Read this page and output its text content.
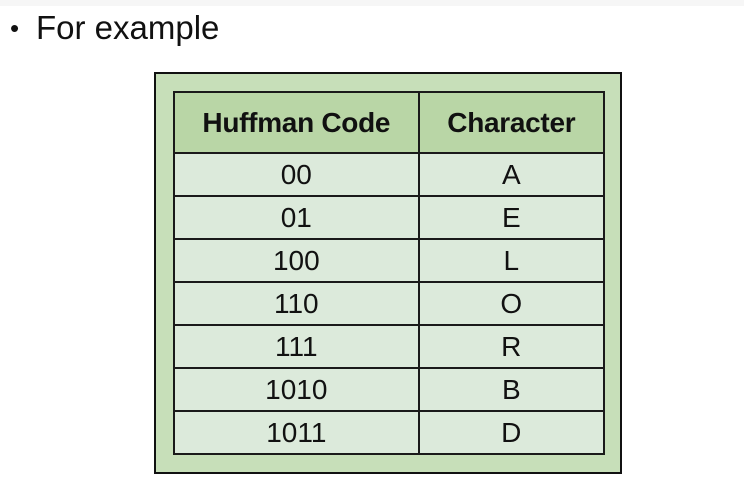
• For example
Huffman Code	Character
00	A
01	E
100	L
110	O
111	R
1010	B
1011	D
